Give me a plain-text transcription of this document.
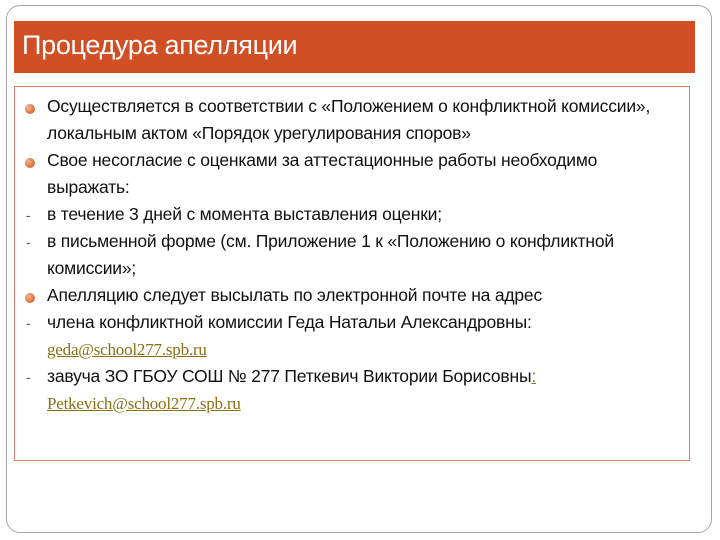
Процедура апелляции
Осуществляется в соответствии с «Положением о конфликтной комиссии»,
локальным актом «Порядок урегулирования споров»
Свое несогласие с оценками за аттестационные работы необходимо
выражать:
- в течение 3 дней с момента выставления оценки;
- в письменной форме (см. Приложение 1 к «Положению о конфликтной
комиссии»;
Апелляцию следует высылать по электронной почте на адрес
- члена конфликтной комиссии Геда Натальи Александровны:
geda@school277.spb.ru
- завуча ЗО ГБОУ СОШ № 277 Петкевич Виктории Борисовны:
Petkevich@school277.spb.ru
